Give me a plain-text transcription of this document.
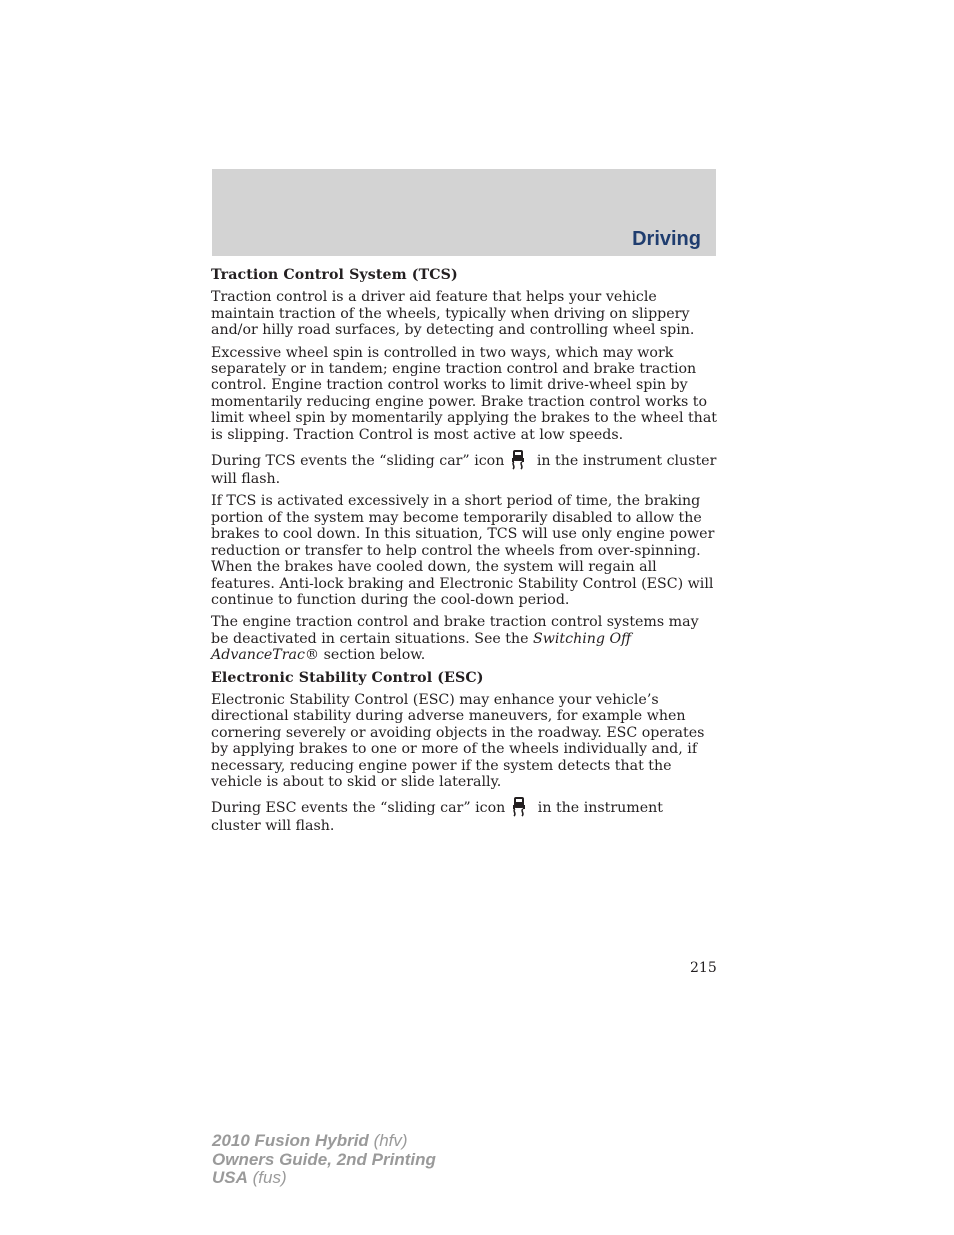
Driving
Traction Control System (TCS)

Traction control is a driver aid feature that helps your vehicle maintain traction of the wheels, typically when driving on slippery and/or hilly road surfaces, by detecting and controlling wheel spin.

Excessive wheel spin is controlled in two ways, which may work separately or in tandem; engine traction control and brake traction control. Engine traction control works to limit drive-wheel spin by momentarily reducing engine power. Brake traction control works to limit wheel spin by momentarily applying the brakes to the wheel that is slipping. Traction Control is most active at low speeds.

During TCS events the “sliding car” icon in the instrument cluster will flash.

If TCS is activated excessively in a short period of time, the braking portion of the system may become temporarily disabled to allow the brakes to cool down. In this situation, TCS will use only engine power reduction or transfer to help control the wheels from over-spinning. When the brakes have cooled down, the system will regain all features. Anti-lock braking and Electronic Stability Control (ESC) will continue to function during the cool-down period.

The engine traction control and brake traction control systems may be deactivated in certain situations. See the Switching Off AdvanceTrac® section below.

Electronic Stability Control (ESC)

Electronic Stability Control (ESC) may enhance your vehicle’s directional stability during adverse maneuvers, for example when cornering severely or avoiding objects in the roadway. ESC operates by applying brakes to one or more of the wheels individually and, if necessary, reducing engine power if the system detects that the vehicle is about to skid or slide laterally.

During ESC events the “sliding car” icon in the instrument cluster will flash.

215
2010 Fusion Hybrid (hfv)
Owners Guide, 2nd Printing
USA (fus)
